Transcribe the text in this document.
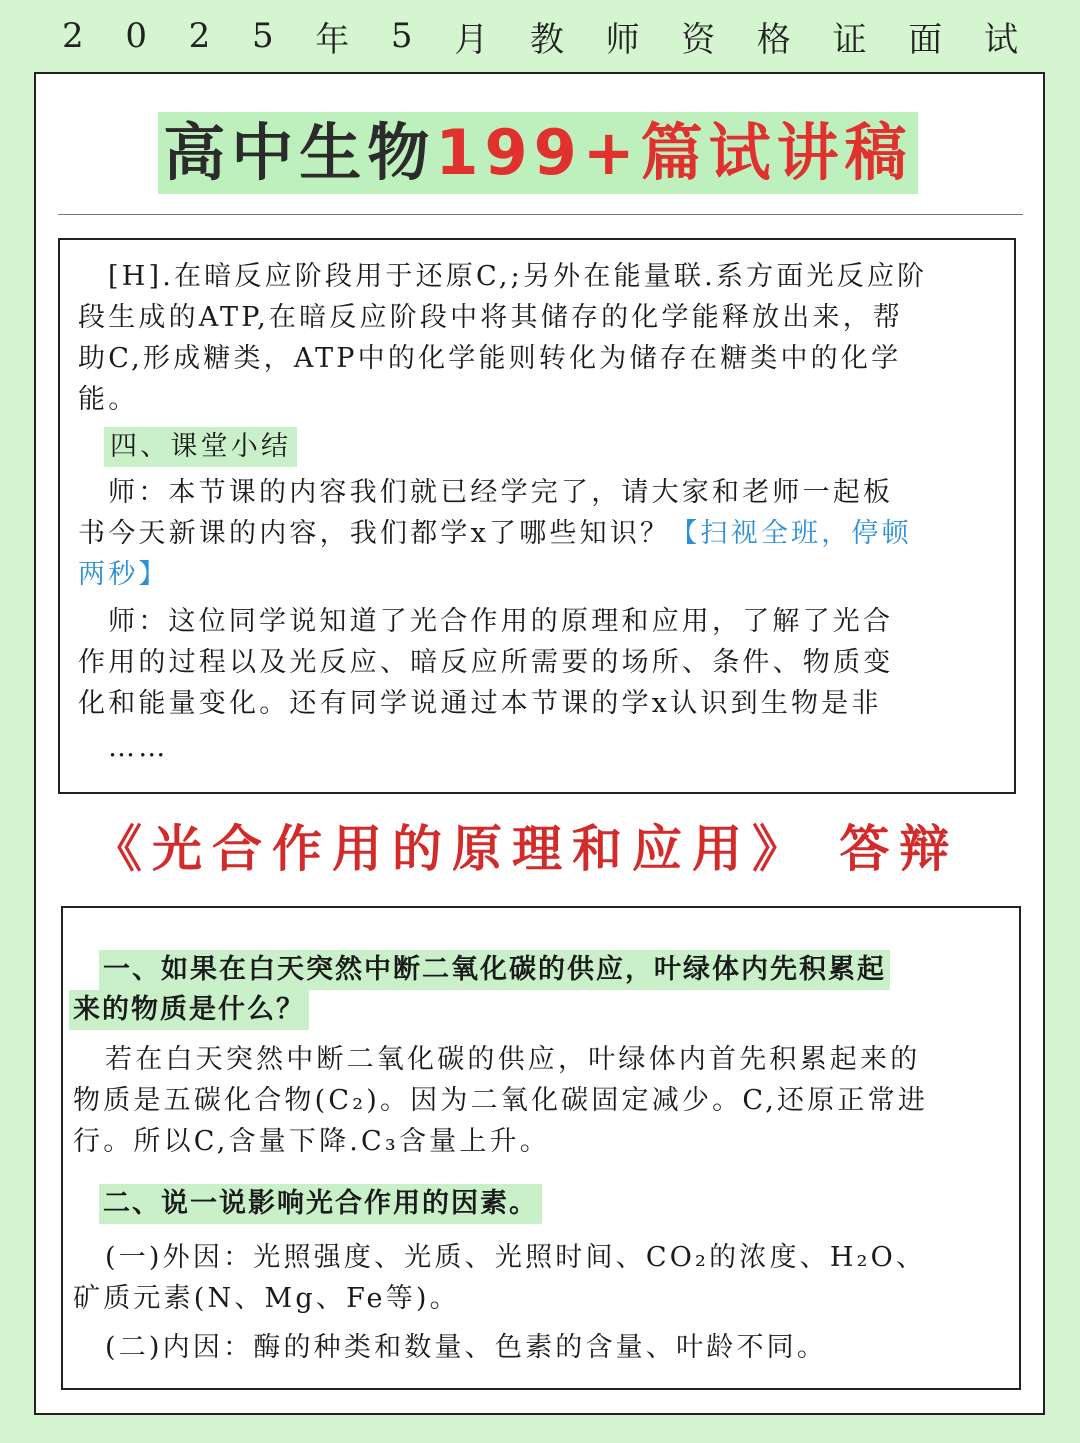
2 0 2 5 年 5 月 教 师 资 格 证 面 试
高中生物199+篇试讲稿
[H].在暗反应阶段用于还原C,;另外在能量联.系方面光反应阶
段生成的ATP,在暗反应阶段中将其储存的化学能释放出来，帮
助C,形成糖类，ATP中的化学能则转化为储存在糖类中的化学
能。
四、课堂小结
师：本节课的内容我们就已经学完了，请大家和老师一起板
书今天新课的内容，我们都学x了哪些知识？【扫视全班，停顿
两秒】
师：这位同学说知道了光合作用的原理和应用，了解了光合
作用的过程以及光反应、暗反应所需要的场所、条件、物质变
化和能量变化。还有同学说通过本节课的学x认识到生物是非
……
《光合作用的原理和应用》 答辩
一、如果在白天突然中断二氧化碳的供应，叶绿体内先积累起
来的物质是什么？
若在白天突然中断二氧化碳的供应，叶绿体内首先积累起来的
物质是五碳化合物(C₂)。因为二氧化碳固定减少。C,还原正常进
行。所以C,含量下降.C₃含量上升。
二、说一说影响光合作用的因素。
(一)外因：光照强度、光质、光照时间、CO₂的浓度、H₂O、
矿质元素(N、Mg、Fe等)。
(二)内因：酶的种类和数量、色素的含量、叶龄不同。
